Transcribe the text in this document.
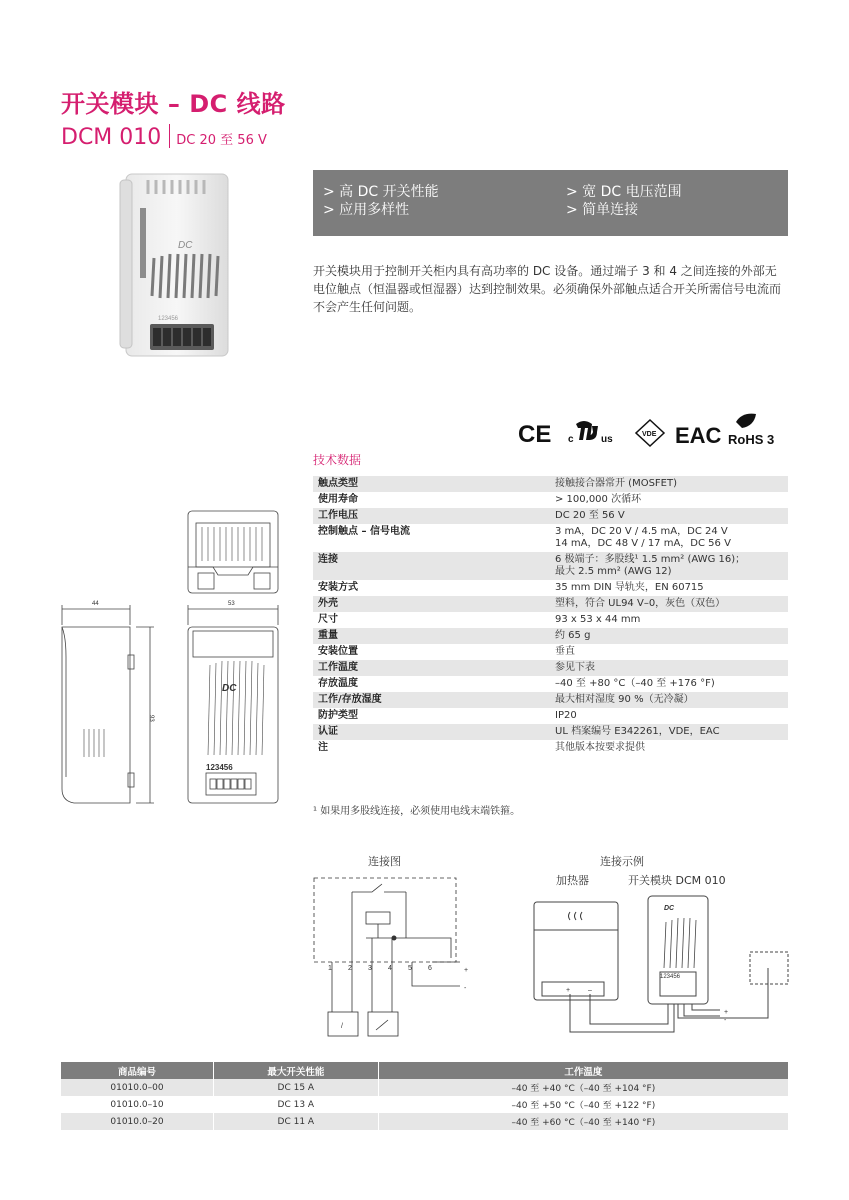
开关模块 – DC 线路
DCM 010 DC 20 至 56 V
DC
123456
> 高 DC 开关性能
> 应用多样性
> 宽 DC 电压范围
> 简单连接
开关模块用于控制开关柜内具有高功率的 DC 设备。通过端子 3 和 4 之间连接的外部无电位触点（恒温器或恒湿器）达到控制效果。必须确保外部触点适合开关所需信号电流而不会产生任何问题。
CE c	us	VDE EAC RoHS 3
技术数据
触点类型	接触接合器常开 (MOSFET)
使用寿命	> 100,000 次循环
工作电压	DC 20 至 56 V
控制触点 – 信号电流	3 mA，DC 20 V / 4.5 mA，DC 24 V
14 mA，DC 48 V / 17 mA，DC 56 V
连接	6 极端子：多股线¹ 1.5 mm² (AWG 16)；
最大 2.5 mm² (AWG 12)
安装方式	35 mm DIN 导轨夹，EN 60715
外壳	塑料，符合 UL94 V–0，灰色（双色）
尺寸	93 x 53 x 44 mm
重量	约 65 g
安装位置	垂直
工作温度	参见下表
存放温度	–40 至 +80 °C（–40 至 +176 °F)
工作/存放湿度	最大相对湿度 90 %（无冷凝）
防护类型	IP20
认证	UL 档案编号 E342261，VDE，EAC
注	其他版本按要求提供
¹ 如果用多股线连接，必须使用电线末端铁箍。
44	53
93
DC
123456
连接图	连接示例
加热器	开关模块 DCM 010
1 2 3 4 5 6	+
-
/
DC
123456
+	–
+
-
商品编号	最大开关性能	工作温度
01010.0–00	DC 15 A	–40 至 +40 °C（–40 至 +104 °F)
01010.0–10	DC 13 A	–40 至 +50 °C（–40 至 +122 °F)
01010.0–20	DC 11 A	–40 至 +60 °C（–40 至 +140 °F)
